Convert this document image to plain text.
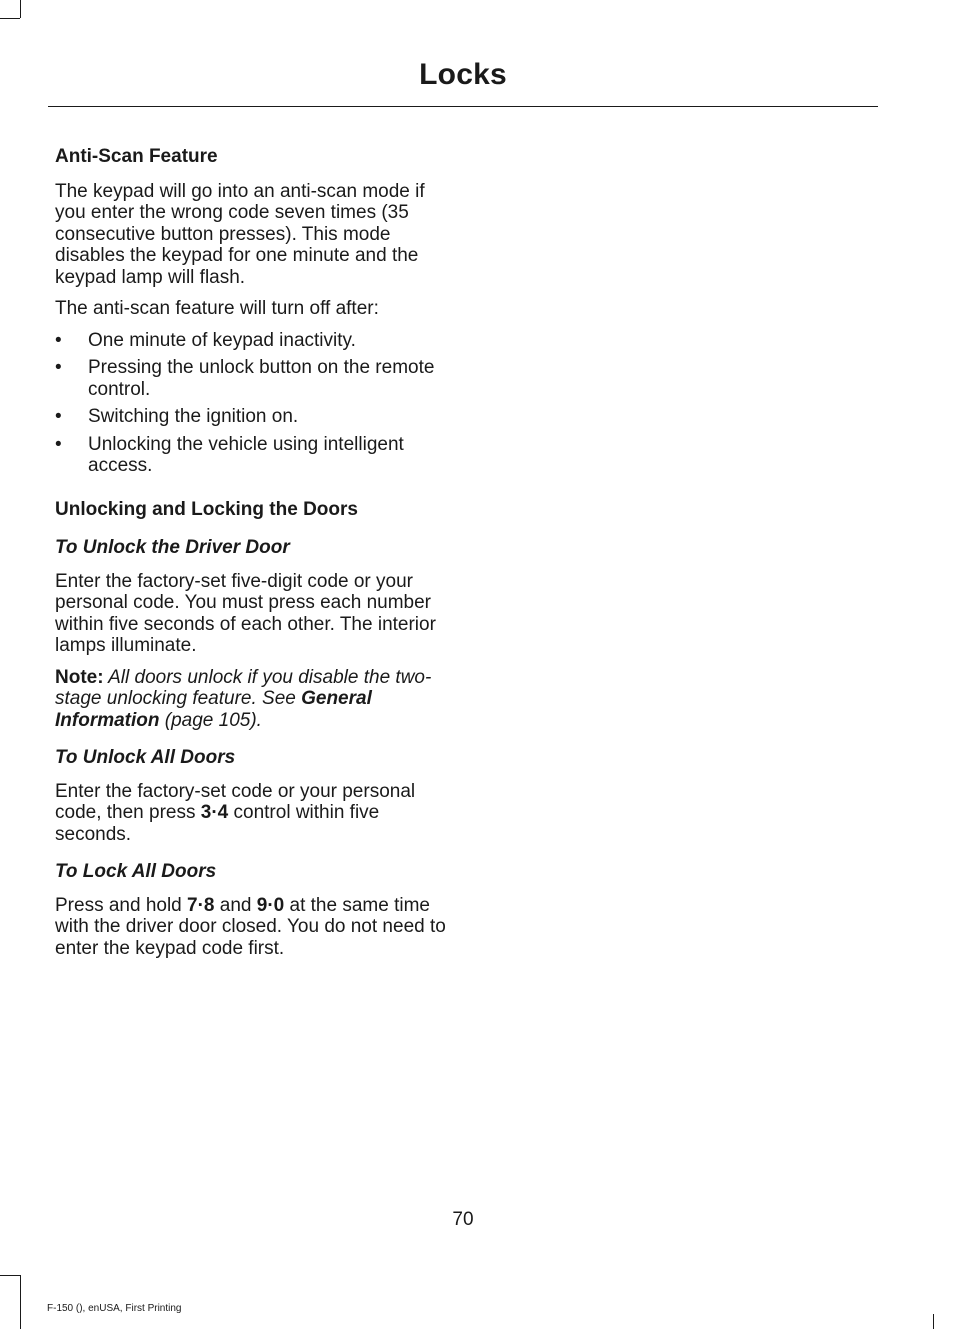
Locks
Anti-Scan Feature

The keypad will go into an anti-scan mode if you enter the wrong code seven times (35 consecutive button presses). This mode disables the keypad for one minute and the keypad lamp will flash.

The anti-scan feature will turn off after:

• One minute of keypad inactivity.
• Pressing the unlock button on the remote control.
• Switching the ignition on.
• Unlocking the vehicle using intelligent access.
Unlocking and Locking the Doors
To Unlock the Driver Door

Enter the factory-set five-digit code or your personal code. You must press each number within five seconds of each other. The interior lamps illuminate.

Note: All doors unlock if you disable the two-stage unlocking feature. See General Information (page 105).

To Unlock All Doors

Enter the factory-set code or your personal code, then press 3·4 control within five seconds.

To Lock All Doors

Press and hold 7·8 and 9·0 at the same time with the driver door closed. You do not need to enter the keypad code first.

70
F-150 (), enUSA, First Printing
